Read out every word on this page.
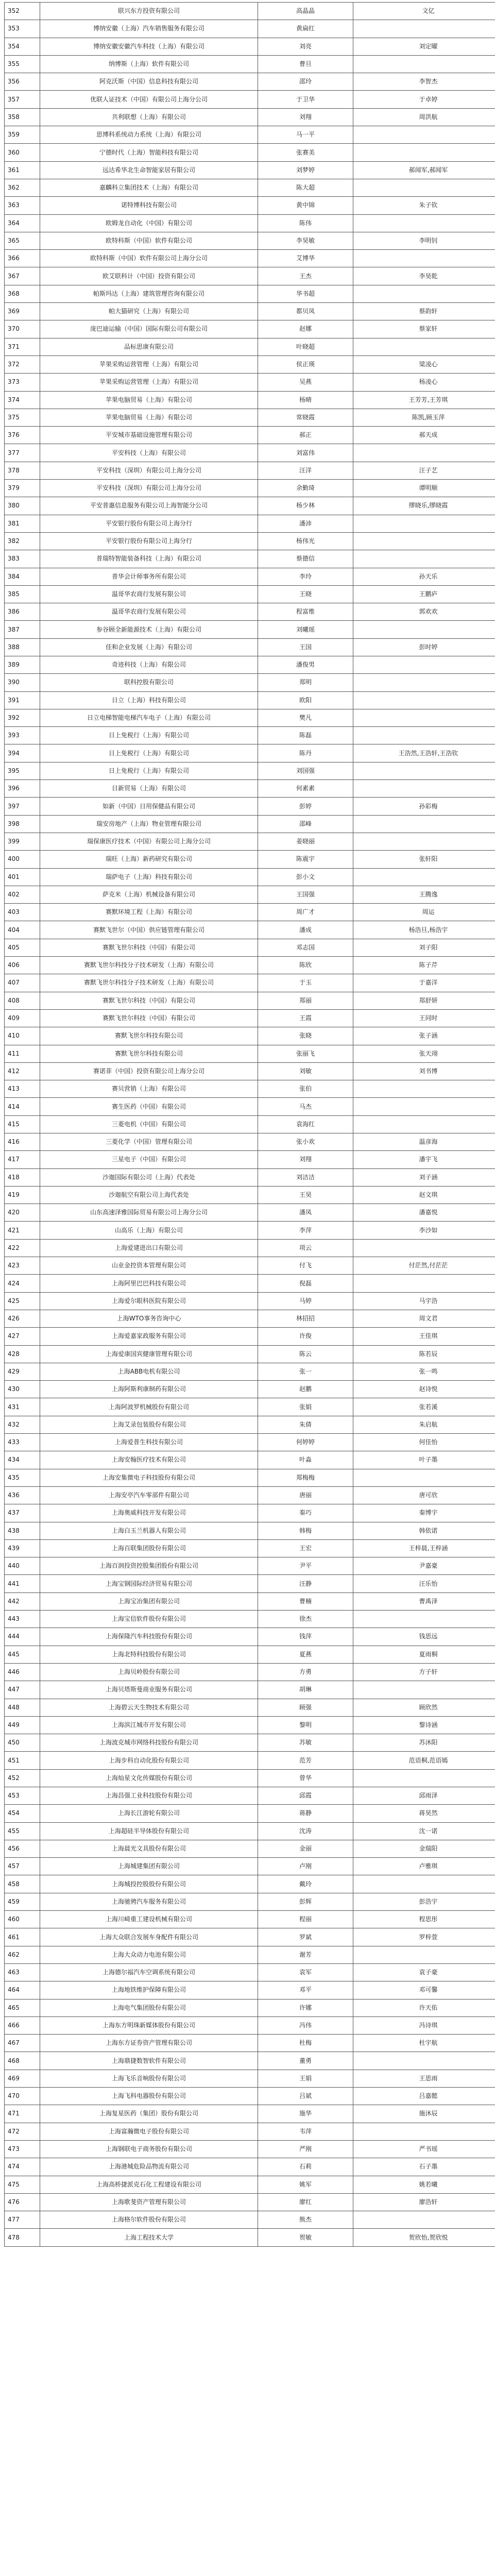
352	联兴东方投资有限公司	高晶晶	文亿
353	博纳安徽（上海）汽车销售服务有限公司	黄扁红	
354	博纳安徽安徽汽车科技（上海）有限公司	刘亮	刘定曜
355	纳博斯（上海）软件有限公司	曹旦	
356	阿克沃斯（中国）信息科技有限公司	邵玲	李智杰
357	优联人证技术（中国）有限公司上海分公司	于卫华	于卓婷
358	共利联想（上海）有限公司	刘翔	周洪航
359	思博科系统动力系统（上海）有限公司	马一平	
360	宁德时代（上海）智能科技有限公司	张赛美	
361	远达希华北生命智能家居有限公司	刘梦婷	郝闻军,郝闻军
362	嘉麟科立集团技术（上海）有限公司	陈大超	
363	诺特博科技有限公司	黄中锦	朱子钦
364	欧姆龙自动化（中国）有限公司	陈伟	
365	欧特科斯（中国）软件有限公司	李昊敏	李明钊
366	欧特科斯（中国）软件有限公司上海分公司	艾博华	
367	欧艾联科计（中国）投资有限公司	王杰	李昊乾
368	帕斯玛达（上海）建筑管理咨询有限公司	华书超	
369	帕大猫研究（上海）有限公司	都贝凤	蔡韵轩
370	庞巴迪运输（中国）国际有限公司有限公司	赵娜	蔡家轩
371	品标思康有限公司	叶晓超	
372	苹果采购运营管理（上海）有限公司	侯正瑛	梁凌心
373	苹果采购运营管理（上海）有限公司	吴燕	杨凌心
374	苹果电脑贸易（上海）有限公司	杨晴	王芳芳,王芳琪
375	苹果电脑贸易（上海）有限公司	常晓霞	陈凯,顾玉萍
376	平安城市基础设施管理有限公司	郝正	郝天成
377	平安科技（上海）有限公司	刘富伟	
378	平安科技（深圳）有限公司上海分公司	汪洋	汪子艺
379	平安科技（深圳）有限公司上海分公司	余勤琦	谭明顺
380	平安普惠信息服务有限公司上海智能分公司	杨少林	缪晓乐,缪晓霞
381	平安银行股份有限公司上海分行	潘沛	
382	平安银行股份有限公司上海分行	杨伟光	
383	普瑞特智能装备科技（上海）有限公司	蔡德信	
384	普华会计师事务所有限公司	李玲	孙天乐
385	温哥华农商行发展有限公司	王晓	王鹏庐
386	温哥华农商行发展有限公司	程富维	郭欢欢
387	参谷顾全新能源技术（上海）有限公司	刘曦瑶	
388	佳和企业发展（上海）有限公司	王国	彭时婷
389	奇迹科技（上海）有限公司	潘俊男	
390	联科控股有限公司	郑明	
391	日立（上海）科技有限公司	欧阳	
392	日立电梯智能电梯汽车电子（上海）有限公司	樊凡	
393	日上免税行（上海）有限公司	陈磊	
394	日上免税行（上海）有限公司	陈丹	王浩然,王浩轩,王浩钦
395	日上免税行（上海）有限公司	刘国强	
396	日新贸易（上海）有限公司	何素素	
397	如新（中国）日用保健品有限公司	彭婷	孙彩梅
398	瑞安房地产（上海）物业管理有限公司	邵峰	
399	瑞保康医疗技术（中国）有限公司上海分公司	姜晓丽	
400	瑞旺（上海）新药研究有限公司	陈震宇	张轩阳
401	瑞萨电子（上海）科技有限公司	彭小文	
402	萨克米（上海）机械设备有限公司	王国强	王腾逸
403	赛默环境工程（上海）有限公司	周广才	周运
404	赛默飞世尔（中国）供应链管理有限公司	潘成	杨浩旦,杨浩宇
405	赛默飞世尔科技（中国）有限公司	邓志国	刘子阳
406	赛默飞世尔科技分子技术研发（上海）有限公司	陈欣	陈子芹
407	赛默飞世尔科技分子技术研发（上海）有限公司	于玉	于嘉洋
408	赛默飞世尔科技（中国）有限公司	郑丽	郑舒妍
409	赛默飞世尔科技（中国）有限公司	王霞	王同时
410	赛默飞世尔科技有限公司	张晓	张子涵
411	赛默飞世尔科技有限公司	张丽飞	张天翊
412	赛诺菲（中国）投资有限公司上海分公司	刘敏	刘书博
413	赛贝营销（上海）有限公司	张伯	
414	赛生医药（中国）有限公司	马杰	
415	三菱电机（中国）有限公司	袁海红	
416	三菱化学（中国）管理有限公司	张小欢	温彦海
417	三星电子（中国）有限公司	刘翔	潘宇飞
418	沙迦国际有限公司（上海）代表处	刘洁洁	刘子涵
419	沙迦航空有限公司上海代表处	王昊	赵文琪
420	山东高速泽雅国际贸易有限公司上海分公司	潘凤	潘嘉悦
421	山高乐（上海）有限公司	李萍	李沙如
422	上海爱建进出口有限公司	项云	
423	山业金控资本管理有限公司	付飞	付茫然,付茫茫
424	上海阿里巴巴科技有限公司	倪磊	
425	上海爱尔眼科医院有限公司	马婷	马宇浩
426	上海WTO事务咨询中心	林招招	周文君
427	上海爱嘉家政服务有限公司	许俊	王佳琪
428	上海爱康国宾健康管理有限公司	陈云	陈若辰
429	上海ABB电机有限公司	张一	张一鸣
430	上海阿斯利康制药有限公司	赵鹏	赵诗悦
431	上海阿波罗机械股份有限公司	张娟	张若溪
432	上海艾录包装股份有限公司	朱倩	朱启航
433	上海爱普生科技有限公司	何婷婷	何佳怡
434	上海安翰医疗技术有限公司	叶淼	叶子墨
435	上海安集微电子科技股份有限公司	郑梅梅	
436	上海安亭汽车零部件有限公司	唐丽	唐可欣
437	上海奥威科技开发有限公司	秦巧	秦博宇
438	上海白玉兰机器人有限公司	韩梅	韩依诺
439	上海百联集团股份有限公司	王宏	王梓晨,王梓涵
440	上海百润投资控股集团股份有限公司	尹平	尹嘉豪
441	上海宝钢国际经济贸易有限公司	汪静	汪乐怡
442	上海宝冶集团有限公司	曹楠	曹禹泽
443	上海宝信软件股份有限公司	徐杰	
444	上海保隆汽车科技股份有限公司	钱萍	钱思远
445	上海北特科技股份有限公司	夏燕	夏雨桐
446	上海贝岭股份有限公司	方勇	方子轩
447	上海贝塔斯曼商业服务有限公司	胡琳	
448	上海碧云天生物技术有限公司	顾强	顾欣然
449	上海滨江城市开发有限公司	黎明	黎诗涵
450	上海波克城市网络科技股份有限公司	苏敏	苏沐阳
451	上海步科自动化股份有限公司	范芳	范语桐,范语嫣
452	上海灿星文化传媒股份有限公司	曾华	
453	上海昌强工业科技股份有限公司	邱霞	邱雨泽
454	上海长江游轮有限公司	蒋静	蒋昊然
455	上海超硅半导体股份有限公司	沈涛	沈一诺
456	上海晨光文具股份有限公司	金丽	金瑞阳
457	上海城建集团有限公司	卢刚	卢雅琪
458	上海城投控股股份有限公司	戴玲	
459	上海驰骋汽车服务有限公司	彭辉	彭浩宇
460	上海川崎重工建设机械有限公司	程丽	程思彤
461	上海大众联合发展车身配件有限公司	罗斌	罗梓萱
462	上海大众动力电池有限公司	谢芳	
463	上海德尔福汽车空调系统有限公司	袁军	袁子豪
464	上海地铁维护保障有限公司	邓平	邓可馨
465	上海电气集团股份有限公司	许娜	许天佑
466	上海东方明珠新媒体股份有限公司	冯伟	冯诗琪
467	上海东方证券资产管理有限公司	杜梅	杜宇航
468	上海鼎捷数智软件有限公司	董勇	
469	上海飞乐音响股份有限公司	王娟	王思雨
470	上海飞科电器股份有限公司	吕斌	吕嘉懿
471	上海复星医药（集团）股份有限公司	施华	施沐辰
472	上海富瀚微电子股份有限公司	韦萍	
473	上海钢联电子商务股份有限公司	严刚	严书瑶
474	上海港城危险品物流有限公司	石莉	石子墨
475	上海高桥捷派克石化工程建设有限公司	姚军	姚若曦
476	上海歌斐资产管理有限公司	廖红	廖浩轩
477	上海格尔软件股份有限公司	熊杰	
478	上海工程技术大学	贺敏	贺欣怡,贺欣悦
